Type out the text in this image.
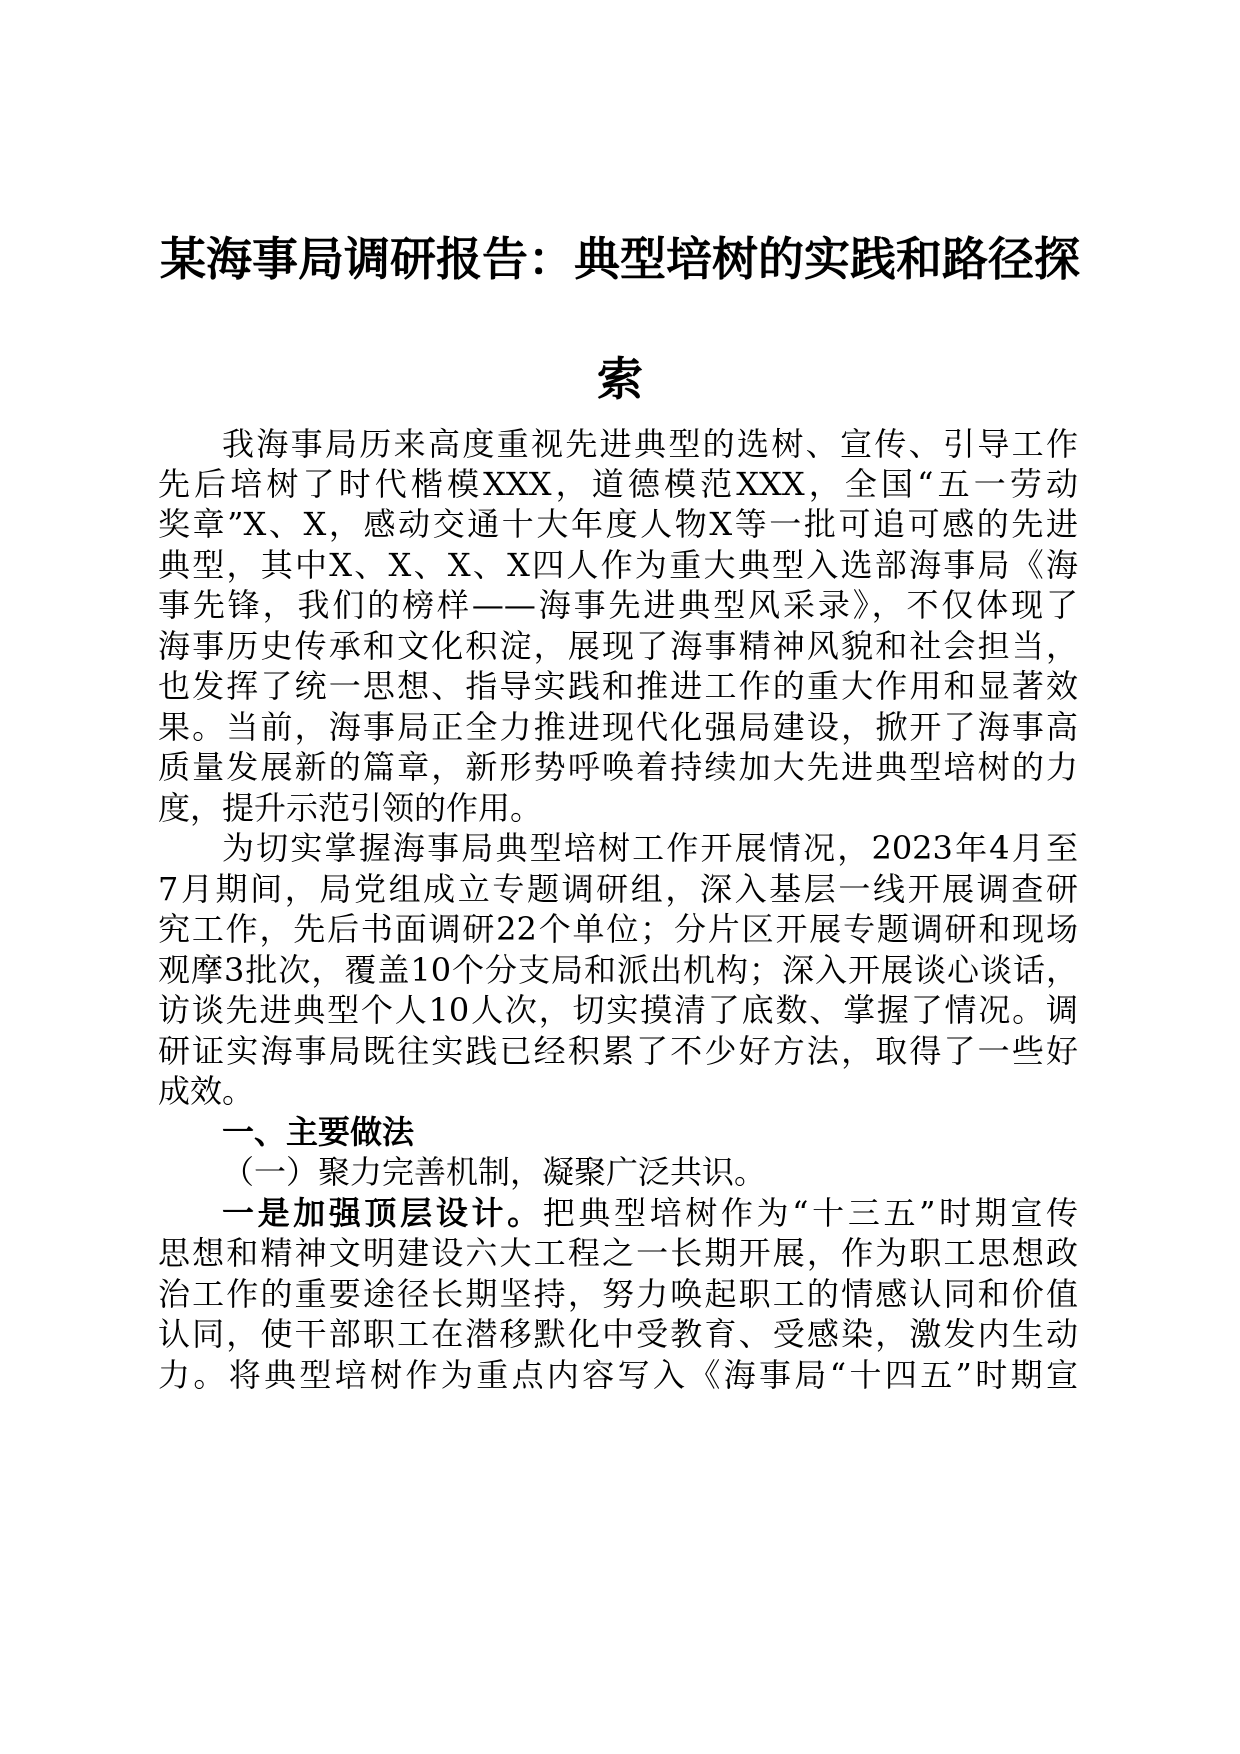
某海事局调研报告：典型培树的实践和路径探
索
我海事局历来高度重视先进典型的选树、宣传、引导工作
先后培树了时代楷模XXX，道德模范XXX，全国“五一劳动
奖章”X、X，感动交通十大年度人物X等一批可追可感的先进
典型，其中X、X、X、X四人作为重大典型入选部海事局《海
事先锋，我们的榜样——海事先进典型风采录》，不仅体现了
海事历史传承和文化积淀，展现了海事精神风貌和社会担当，
也发挥了统一思想、指导实践和推进工作的重大作用和显著效
果。当前，海事局正全力推进现代化强局建设，掀开了海事高
质量发展新的篇章，新形势呼唤着持续加大先进典型培树的力
度，提升示范引领的作用。
为切实掌握海事局典型培树工作开展情况，2023年4月至
7月期间，局党组成立专题调研组，深入基层一线开展调查研
究工作，先后书面调研22个单位；分片区开展专题调研和现场
观摩3批次，覆盖10个分支局和派出机构；深入开展谈心谈话，
访谈先进典型个人10人次，切实摸清了底数、掌握了情况。调
研证实海事局既往实践已经积累了不少好方法，取得了一些好
成效。
一、主要做法
（一）聚力完善机制，凝聚广泛共识。
一是加强顶层设计。把典型培树作为“十三五”时期宣传
思想和精神文明建设六大工程之一长期开展，作为职工思想政
治工作的重要途径长期坚持，努力唤起职工的情感认同和价值
认同，使干部职工在潜移默化中受教育、受感染，激发内生动
力。将典型培树作为重点内容写入《海事局“十四五”时期宣
